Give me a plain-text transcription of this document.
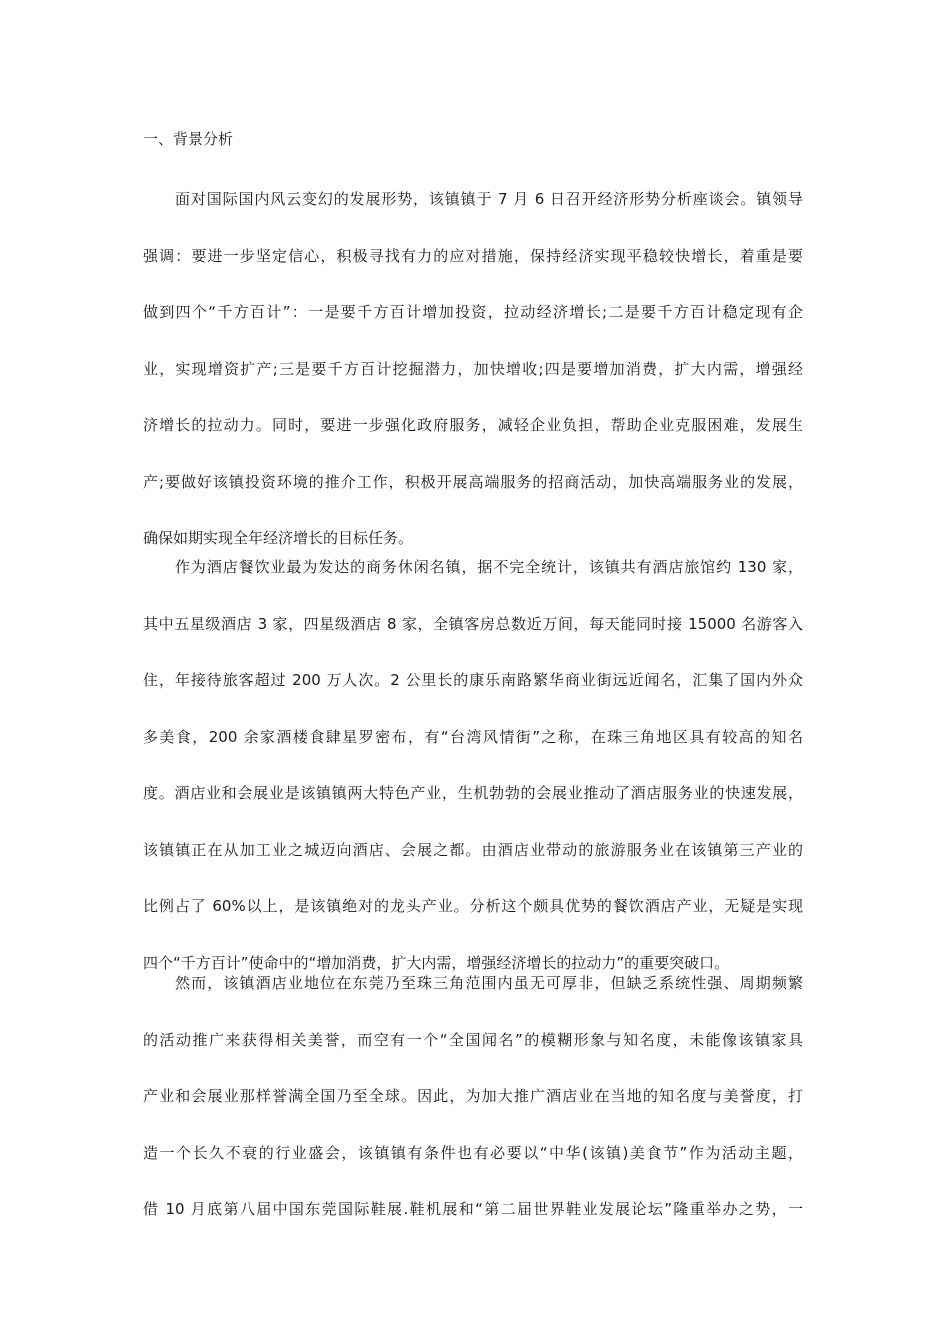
一、背景分析
面对国际国内风云变幻的发展形势，该镇镇于 7 月 6 日召开经济形势分析座谈会。镇领导
强调：要进一步坚定信心，积极寻找有力的应对措施，保持经济实现平稳较快增长，着重是要
做到四个“千方百计”：一是要千方百计增加投资，拉动经济增长;二是要千方百计稳定现有企
业，实现增资扩产;三是要千方百计挖掘潜力，加快增收;四是要增加消费，扩大内需，增强经
济增长的拉动力。同时，要进一步强化政府服务，减轻企业负担，帮助企业克服困难，发展生
产;要做好该镇投资环境的推介工作，积极开展高端服务的招商活动，加快高端服务业的发展，
确保如期实现全年经济增长的目标任务。
作为酒店餐饮业最为发达的商务休闲名镇，据不完全统计，该镇共有酒店旅馆约 130 家，
其中五星级酒店 3 家，四星级酒店 8 家，全镇客房总数近万间，每天能同时接 15000 名游客入
住，年接待旅客超过 200 万人次。2 公里长的康乐南路繁华商业街远近闻名，汇集了国内外众
多美食，200 余家酒楼食肆星罗密布，有“台湾风情街”之称，在珠三角地区具有较高的知名
度。酒店业和会展业是该镇镇两大特色产业，生机勃勃的会展业推动了酒店服务业的快速发展，
该镇镇正在从加工业之城迈向酒店、会展之都。由酒店业带动的旅游服务业在该镇第三产业的
比例占了 60%以上，是该镇绝对的龙头产业。分析这个颇具优势的餐饮酒店产业，无疑是实现
四个“千方百计”使命中的“增加消费，扩大内需，增强经济增长的拉动力”的重要突破口。
然而，该镇酒店业地位在东莞乃至珠三角范围内虽无可厚非，但缺乏系统性强、周期频繁
的活动推广来获得相关美誉，而空有一个“全国闻名”的模糊形象与知名度，未能像该镇家具
产业和会展业那样誉满全国乃至全球。因此，为加大推广酒店业在当地的知名度与美誉度，打
造一个长久不衰的行业盛会，该镇镇有条件也有必要以“中华(该镇)美食节”作为活动主题，
借 10 月底第八届中国东莞国际鞋展.鞋机展和“第二届世界鞋业发展论坛”隆重举办之势，一
